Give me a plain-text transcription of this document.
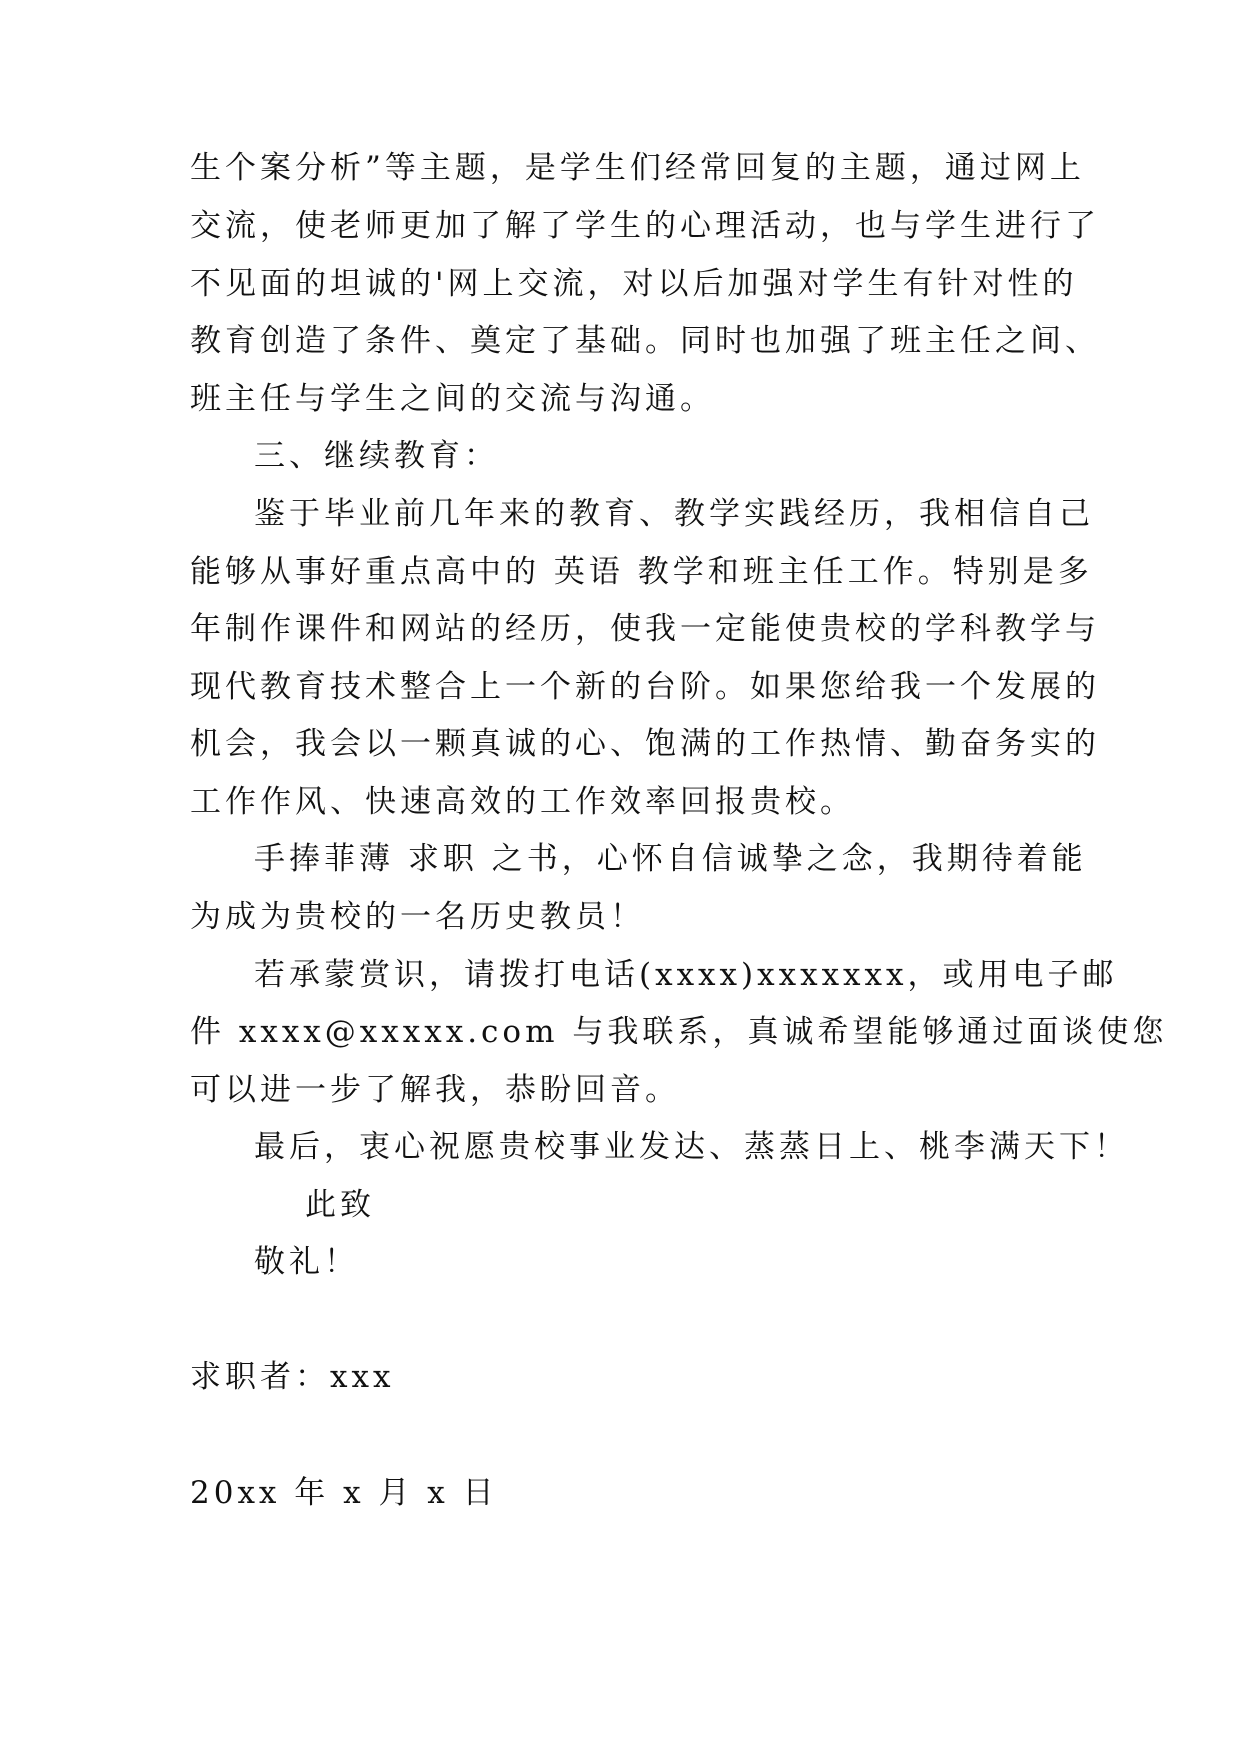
生个案分析”等主题，是学生们经常回复的主题，通过网上
交流，使老师更加了解了学生的心理活动，也与学生进行了
不见面的坦诚的'网上交流，对以后加强对学生有针对性的
教育创造了条件、奠定了基础。同时也加强了班主任之间、
班主任与学生之间的交流与沟通。
三、继续教育：
鉴于毕业前几年来的教育、教学实践经历，我相信自己
能够从事好重点高中的 英语 教学和班主任工作。特别是多
年制作课件和网站的经历，使我一定能使贵校的学科教学与
现代教育技术整合上一个新的台阶。如果您给我一个发展的
机会，我会以一颗真诚的心、饱满的工作热情、勤奋务实的
工作作风、快速高效的工作效率回报贵校。
手捧菲薄 求职 之书，心怀自信诚挚之念，我期待着能
为成为贵校的一名历史教员！
若承蒙赏识，请拨打电话(xxxx)xxxxxxx，或用电子邮
件 xxxx@xxxxx.com 与我联系，真诚希望能够通过面谈使您
可以进一步了解我，恭盼回音。
最后，衷心祝愿贵校事业发达、蒸蒸日上、桃李满天下！
此致
敬礼！
求职者：xxx
20xx 年 x 月 x 日
